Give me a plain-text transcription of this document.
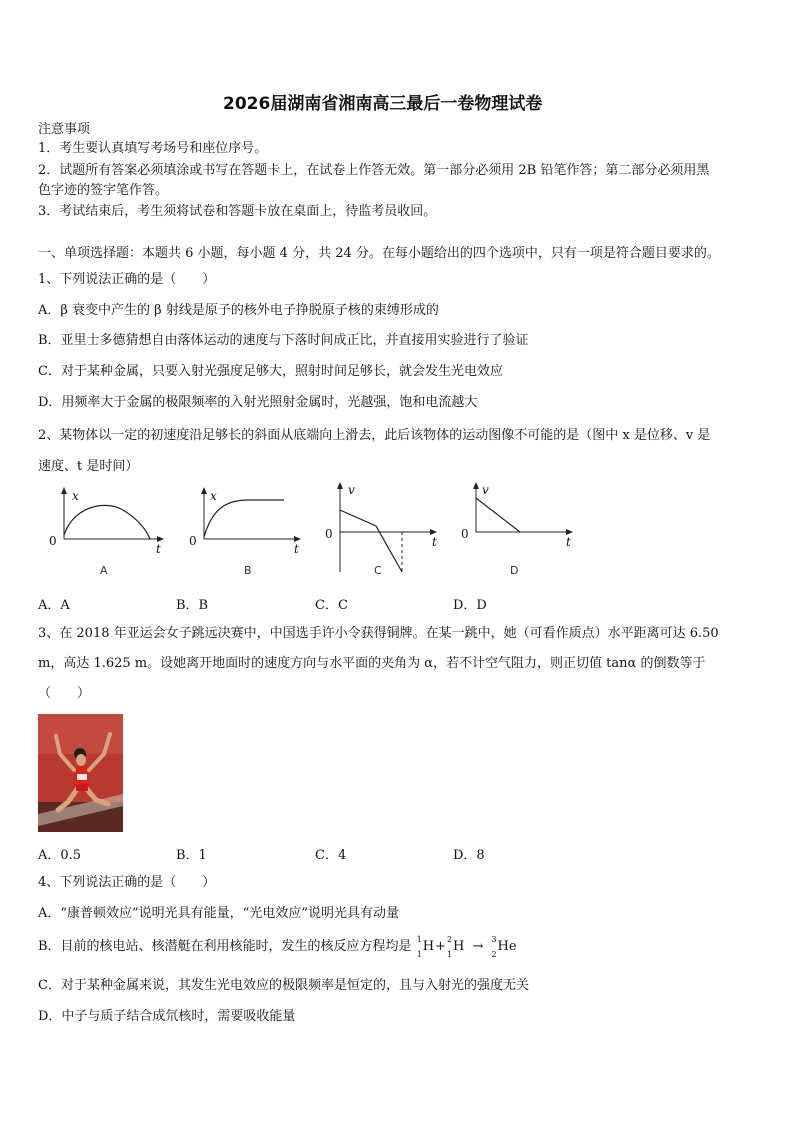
2026届湖南省湘南高三最后一卷物理试卷
注意事项
1．考生要认真填写考场号和座位序号。
2．试题所有答案必须填涂或书写在答题卡上，在试卷上作答无效。第一部分必须用 2B 铅笔作答；第二部分必须用黑
色字迹的签字笔作答。
3．考试结束后，考生须将试卷和答题卡放在桌面上，待监考员收回。
一、单项选择题：本题共 6 小题，每小题 4 分，共 24 分。在每小题给出的四个选项中，只有一项是符合题目要求的。
1、下列说法正确的是（　　）
A．β 衰变中产生的 β 射线是原子的核外电子挣脱原子核的束缚形成的
B．亚里士多德猜想自由落体运动的速度与下落时间成正比，并直接用实验进行了验证
C．对于某种金属，只要入射光强度足够大，照射时间足够长，就会发生光电效应
D．用频率大于金属的极限频率的入射光照射金属时，光越强，饱和电流越大
2、某物体以一定的初速度沿足够长的斜面从底端向上滑去，此后该物体的运动图像不可能的是（图中 x 是位移、v 是
速度、t 是时间）
x
0
t
A
x
0
t
B
v
0
t
C
v
0
t
D
A．A	B．B	C．C	D．D
3、在 2018 年亚运会女子跳远决赛中，中国选手许小令获得铜牌。在某一跳中，她（可看作质点）水平距离可达 6.50
m，高达 1.625 m。设她离开地面时的速度方向与水平面的夹角为 α，若不计空气阻力，则正切值 tanα 的倒数等于
（　　）
A．0.5	B．1	C．4	D．8
4、下列说法正确的是（　　）
A．“康普顿效应”说明光具有能量，“光电效应”说明光具有动量
B．目前的核电站、核潜艇在利用核能时，发生的核反应方程均是 1
1
H+ 2
1
H → 3
2
He
C．对于某种金属来说，其发生光电效应的极限频率是恒定的，且与入射光的强度无关
D．中子与质子结合成氘核时，需要吸收能量
